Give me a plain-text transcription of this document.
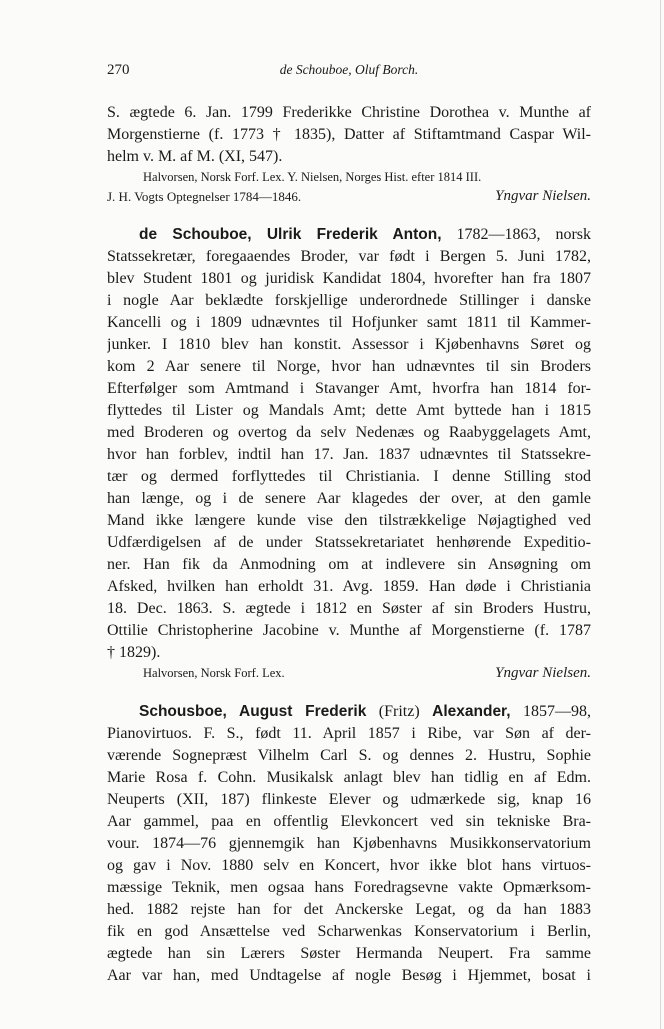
270	de Schouboe, Oluf Borch.
S. ægtede 6. Jan. 1799 Frederikke Christine Dorothea v. Munthe af
Morgenstierne (f. 1773 † 1835), Datter af Stiftamtmand Caspar Wil-
helm v. M. af M. (XI, 547).
Halvorsen, Norsk Forf. Lex. Y. Nielsen, Norges Hist. efter 1814 III.
J. H. Vogts Optegnelser 1784—1846.	Yngvar Nielsen.
de Schouboe, Ulrik Frederik Anton, 1782—1863, norsk
Statssekretær, foregaaendes Broder, var født i Bergen 5. Juni 1782,
blev Student 1801 og juridisk Kandidat 1804, hvorefter han fra 1807
i nogle Aar beklædte forskjellige underordnede Stillinger i danske
Kancelli og i 1809 udnævntes til Hofjunker samt 1811 til Kammer-
junker. I 1810 blev han konstit. Assessor i Kjøbenhavns Søret og
kom 2 Aar senere til Norge, hvor han udnævntes til sin Broders
Efterfølger som Amtmand i Stavanger Amt, hvorfra han 1814 for-
flyttedes til Lister og Mandals Amt; dette Amt byttede han i 1815
med Broderen og overtog da selv Nedenæs og Raabyggelagets Amt,
hvor han forblev, indtil han 17. Jan. 1837 udnævntes til Statssekre-
tær og dermed forflyttedes til Christiania. I denne Stilling stod
han længe, og i de senere Aar klagedes der over, at den gamle
Mand ikke længere kunde vise den tilstrækkelige Nøjagtighed ved
Udfærdigelsen af de under Statssekretariatet henhørende Expeditio-
ner. Han fik da Anmodning om at indlevere sin Ansøgning om
Afsked, hvilken han erholdt 31. Avg. 1859. Han døde i Christiania
18. Dec. 1863. S. ægtede i 1812 en Søster af sin Broders Hustru,
Ottilie Christopherine Jacobine v. Munthe af Morgenstierne (f. 1787
† 1829).
Halvorsen, Norsk Forf. Lex.	Yngvar Nielsen.
Schousboe, August Frederik (Fritz) Alexander, 1857—98,
Pianovirtuos. F. S., født 11. April 1857 i Ribe, var Søn af der-
værende Sognepræst Vilhelm Carl S. og dennes 2. Hustru, Sophie
Marie Rosa f. Cohn. Musikalsk anlagt blev han tidlig en af Edm.
Neuperts (XII, 187) flinkeste Elever og udmærkede sig, knap 16
Aar gammel, paa en offentlig Elevkoncert ved sin tekniske Bra-
vour. 1874—76 gjennemgik han Kjøbenhavns Musikkonservatorium
og gav i Nov. 1880 selv en Koncert, hvor ikke blot hans virtuos-
mæssige Teknik, men ogsaa hans Foredragsevne vakte Opmærksom-
hed. 1882 rejste han for det Anckerske Legat, og da han 1883
fik en god Ansættelse ved Scharwenkas Konservatorium i Berlin,
ægtede han sin Lærers Søster Hermanda Neupert. Fra samme
Aar var han, med Undtagelse af nogle Besøg i Hjemmet, bosat i
